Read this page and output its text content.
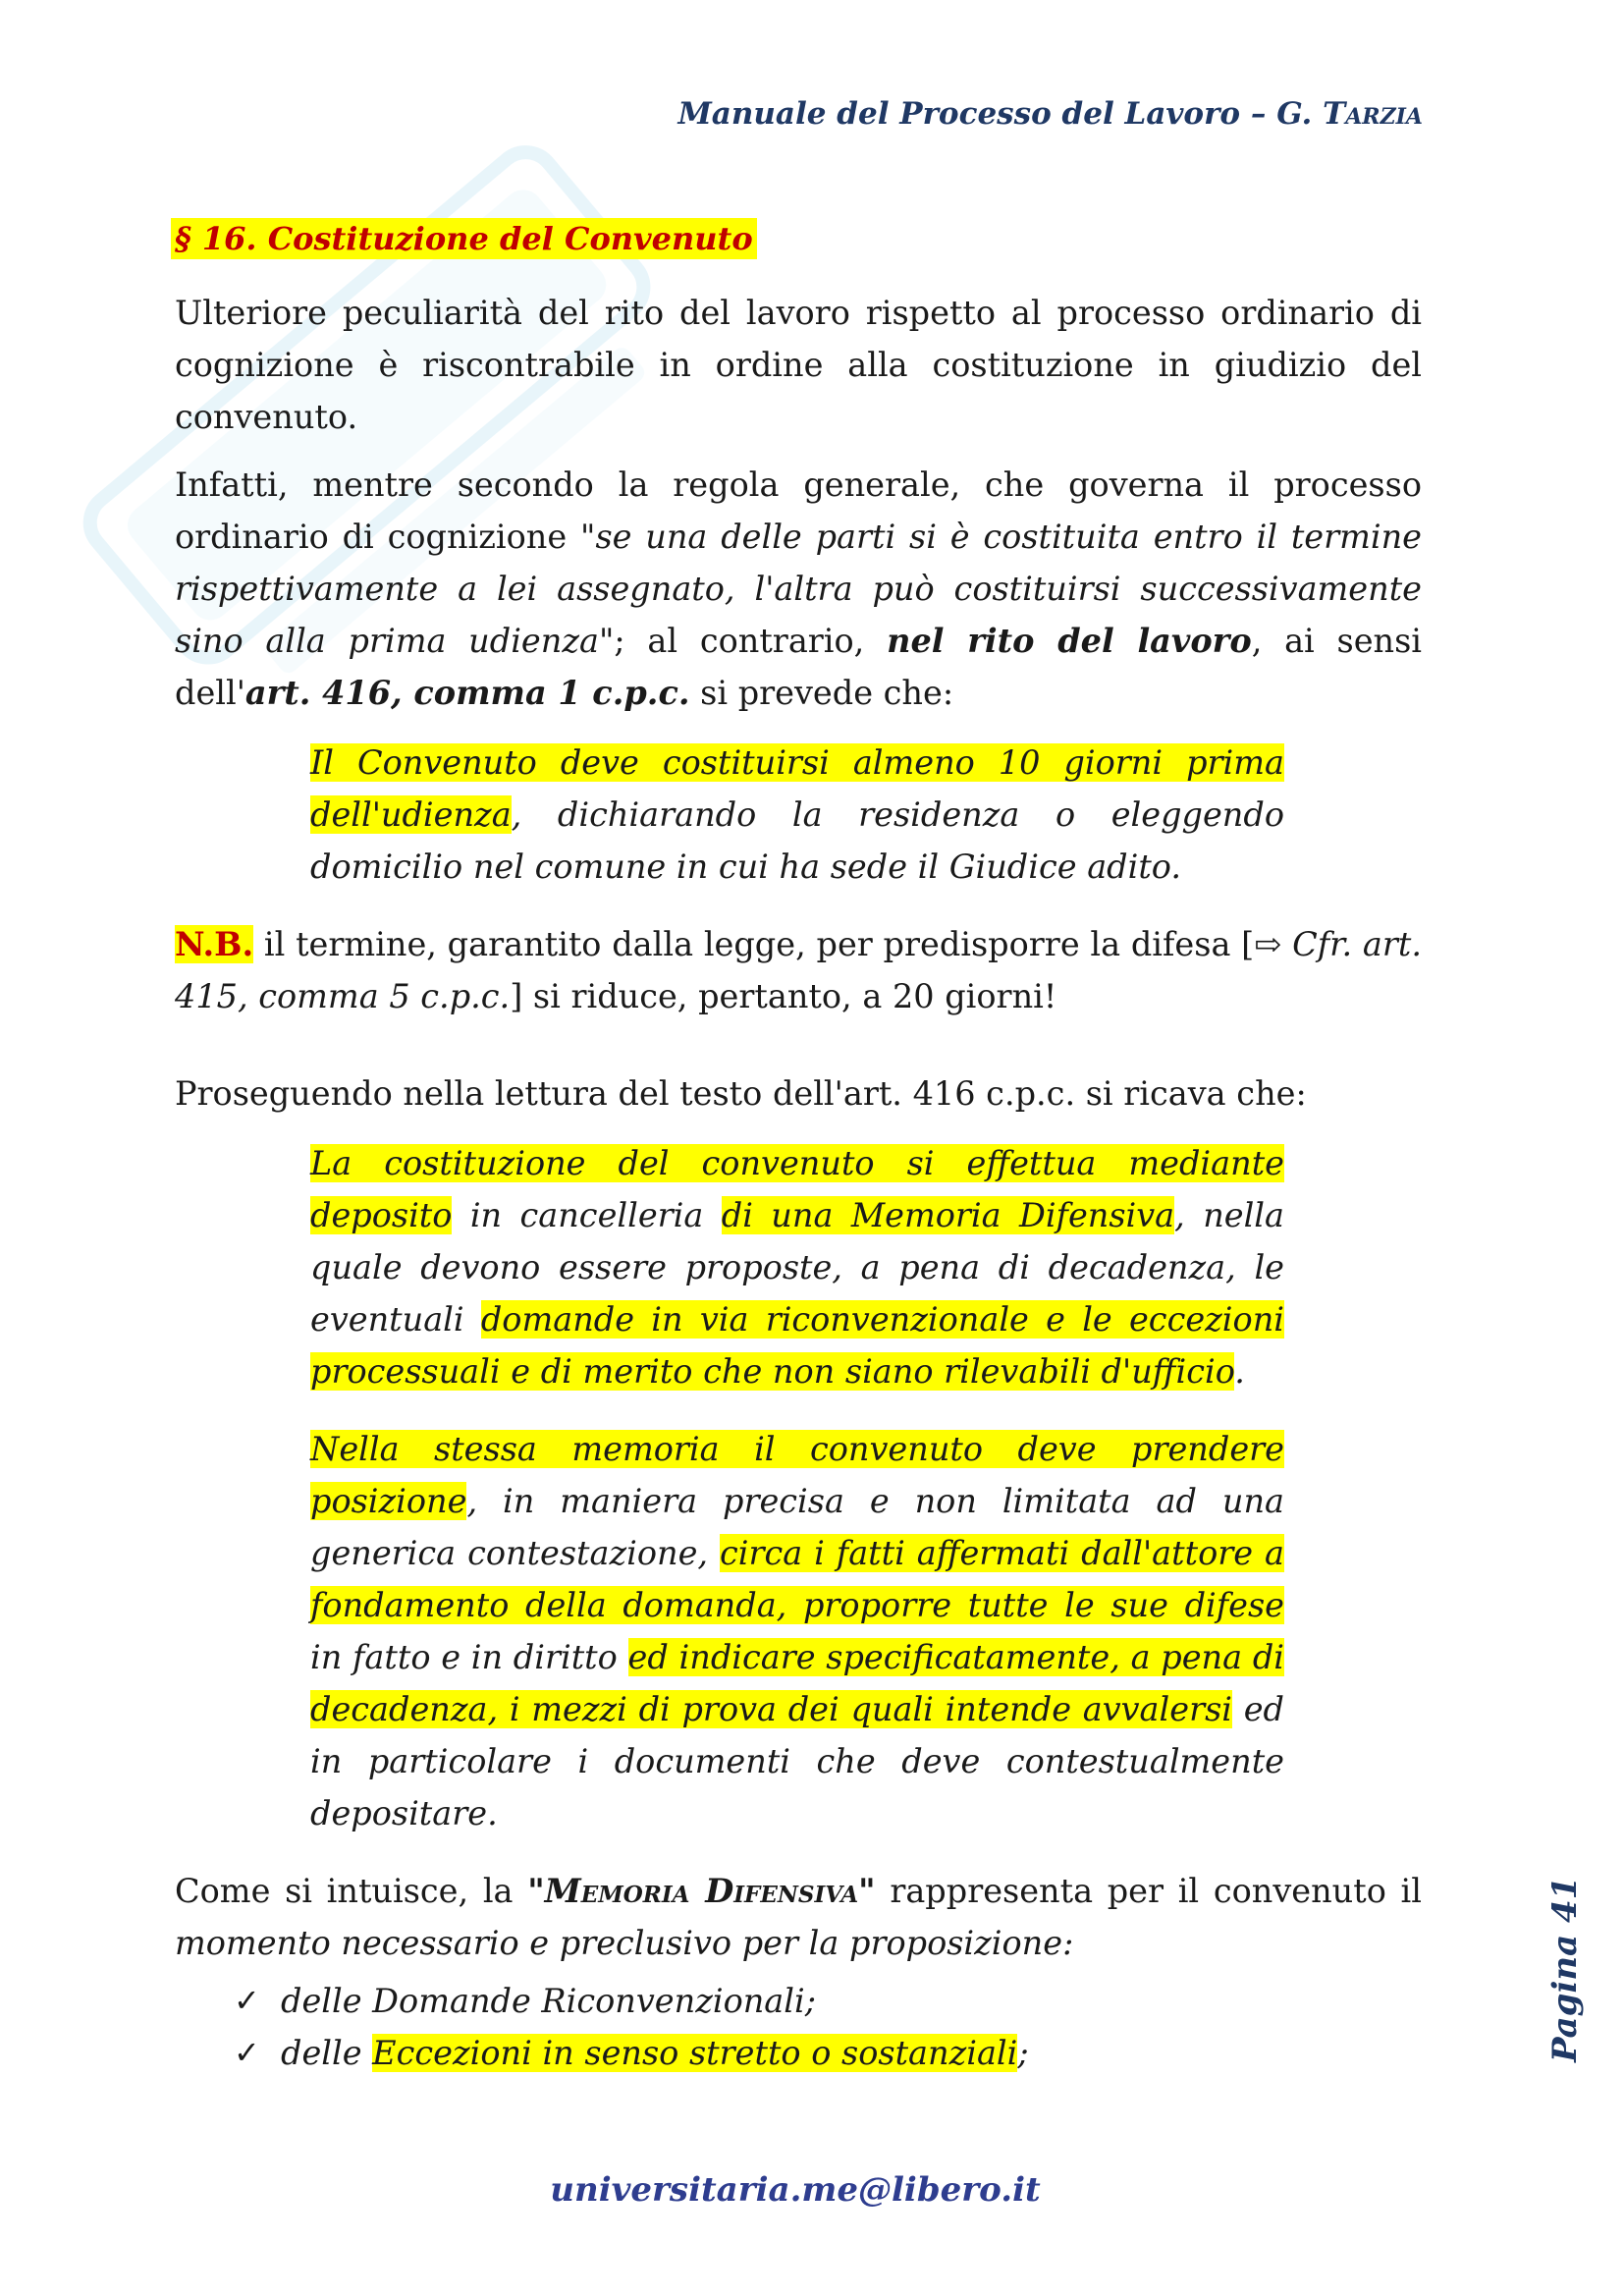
Manuale del Processo del Lavoro – G. Tarzia
§ 16. Costituzione del Convenuto

Ulteriore peculiarità del rito del lavoro rispetto al processo ordinario di cognizione è riscontrabile in ordine alla costituzione in giudizio del convenuto.

Infatti, mentre secondo la regola generale, che governa il processo ordinario di cognizione "se una delle parti si è costituita entro il termine rispettivamente a lei assegnato, l'altra può costituirsi successivamente sino alla prima udienza"; al contrario, nel rito del lavoro, ai sensi dell'art. 416, comma 1 c.p.c. si prevede che:

Il Convenuto deve costituirsi almeno 10 giorni prima dell'udienza, dichiarando la residenza o eleggendo domicilio nel comune in cui ha sede il Giudice adito.

N.B. il termine, garantito dalla legge, per predisporre la difesa [⇨ Cfr. art. 415, comma 5 c.p.c.] si riduce, pertanto, a 20 giorni!

Proseguendo nella lettura del testo dell'art. 416 c.p.c. si ricava che:

La costituzione del convenuto si effettua mediante deposito in cancelleria di una Memoria Difensiva, nella quale devono essere proposte, a pena di decadenza, le eventuali domande in via riconvenzionale e le eccezioni processuali e di merito che non siano rilevabili d'ufficio.

Nella stessa memoria il convenuto deve prendere posizione, in maniera precisa e non limitata ad una generica contestazione, circa i fatti affermati dall'attore a fondamento della domanda, proporre tutte le sue difese in fatto e in diritto ed indicare specificatamente, a pena di decadenza, i mezzi di prova dei quali intende avvalersi ed in particolare i documenti che deve contestualmente depositare.

Come si intuisce, la "Memoria Difensiva" rappresenta per il convenuto il momento necessario e preclusivo per la proposizione:

✓ delle Domande Riconvenzionali;
✓ delle Eccezioni in senso stretto o sostanziali;	Pagina 41
universitaria.me@libero.it
